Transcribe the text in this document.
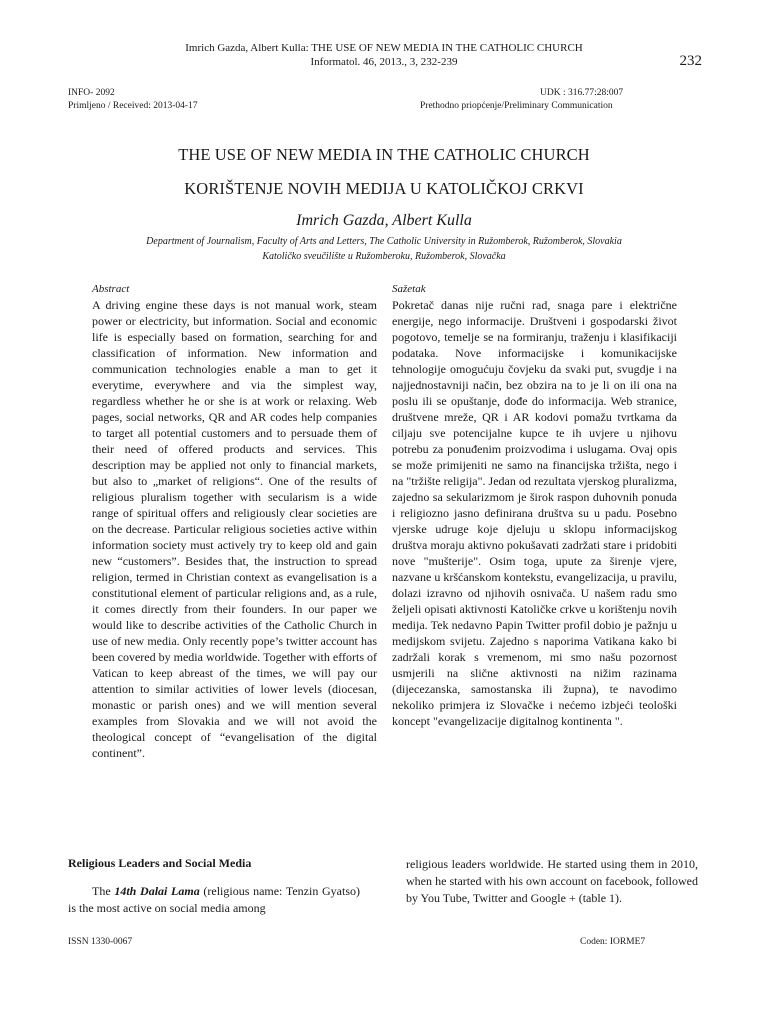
Imrich Gazda, Albert Kulla: THE USE OF NEW MEDIA IN THE CATHOLIC CHURCH
Informatol. 46, 2013., 3, 232-239	232
INFO- 2092
Primljeno / Received: 2013-04-17
UDK : 316.77:28:007
Prethodno priopćenje/Preliminary Communication
THE USE OF NEW MEDIA IN THE CATHOLIC CHURCH
KORIŠTENJE NOVIH MEDIJA U KATOLIČKOJ CRKVI
Imrich Gazda, Albert Kulla
Department of Journalism, Faculty of Arts and Letters, The Catholic University in Ružomberok, Ružomberok, Slovakia
Katoličko sveučilište u Ružomberoku, Ružomberok, Slovačka
Abstract
A driving engine these days is not manual work, steam power or electricity, but information. Social and economic life is especially based on formation, searching for and classification of information. New information and communication technologies enable a man to get it everytime, everywhere and via the simplest way, regardless whether he or she is at work or relaxing. Web pages, social networks, QR and AR codes help companies to target all potential customers and to persuade them of their need of offered products and services. This description may be applied not only to financial markets, but also to „market of religions“. One of the results of religious pluralism together with secularism is a wide range of spiritual offers and religiously clear societies are on the decrease. Particular religious societies active within information society must actively try to keep old and gain new “customers”. Besides that, the instruction to spread religion, termed in Christian context as evangelisation is a constitutional element of particular religions and, as a rule, it comes directly from their founders. In our paper we would like to describe activities of the Catholic Church in use of new media. Only recently pope’s twitter account has been covered by media worldwide. Together with efforts of Vatican to keep abreast of the times, we will pay our attention to similar activities of lower levels (diocesan, monastic or parish ones) and we will mention several examples from Slovakia and we will not avoid the theological concept of “evangelisation of the digital continent”.
Sažetak
Pokretač danas nije ručni rad, snaga pare i električne energije, nego informacije. Društveni i gospodarski život pogotovo, temelje se na formiranju, traženju i klasifikaciji podataka. Nove informacijske i komunikacijske tehnologije omogućuju čovjeku da svaki put, svugdje i na najjednostavniji način, bez obzira na to je li on ili ona na poslu ili se opuštanje, dođe do informacija. Web stranice, društvene mreže, QR i AR kodovi pomažu tvrtkama da ciljaju sve potencijalne kupce te ih uvjere u njihovu potrebu za ponuđenim proizvodima i uslugama. Ovaj opis se može primijeniti ne samo na financijska tržišta, nego i na "tržište religija". Jedan od rezultata vjerskog pluralizma, zajedno sa sekularizmom je širok raspon duhovnih ponuda i religiozno jasno definirana društva su u padu. Posebno vjerske udruge koje djeluju u sklopu informacijskog društva moraju aktivno pokušavati zadržati stare i pridobiti nove "mušterije". Osim toga, upute za širenje vjere, nazvane u kršćanskom kontekstu, evangelizacija, u pravilu, dolazi izravno od njihovih osnivača. U našem radu smo željeli opisati aktivnosti Katoličke crkve u korištenju novih medija. Tek nedavno Papin Twitter profil dobio je pažnju u medijskom svijetu. Zajedno s naporima Vatikana kako bi zadržali korak s vremenom, mi smo našu pozornost usmjerili na slične aktivnosti na nižim razinama (dijecezanska, samostanska ili župna), te navodimo nekoliko primjera iz Slovačke i nećemo izbjeći teološki koncept "evangelizacije digitalnog kontinenta ".
Religious Leaders and Social Media
The 14th Dalai Lama (religious name: Tenzin Gyatso) is the most active on social media among
religious leaders worldwide. He started using them in 2010, when he started with his own account on facebook, followed by You Tube, Twitter and Google + (table 1).
ISSN 1330-0067	Coden: IORME7
